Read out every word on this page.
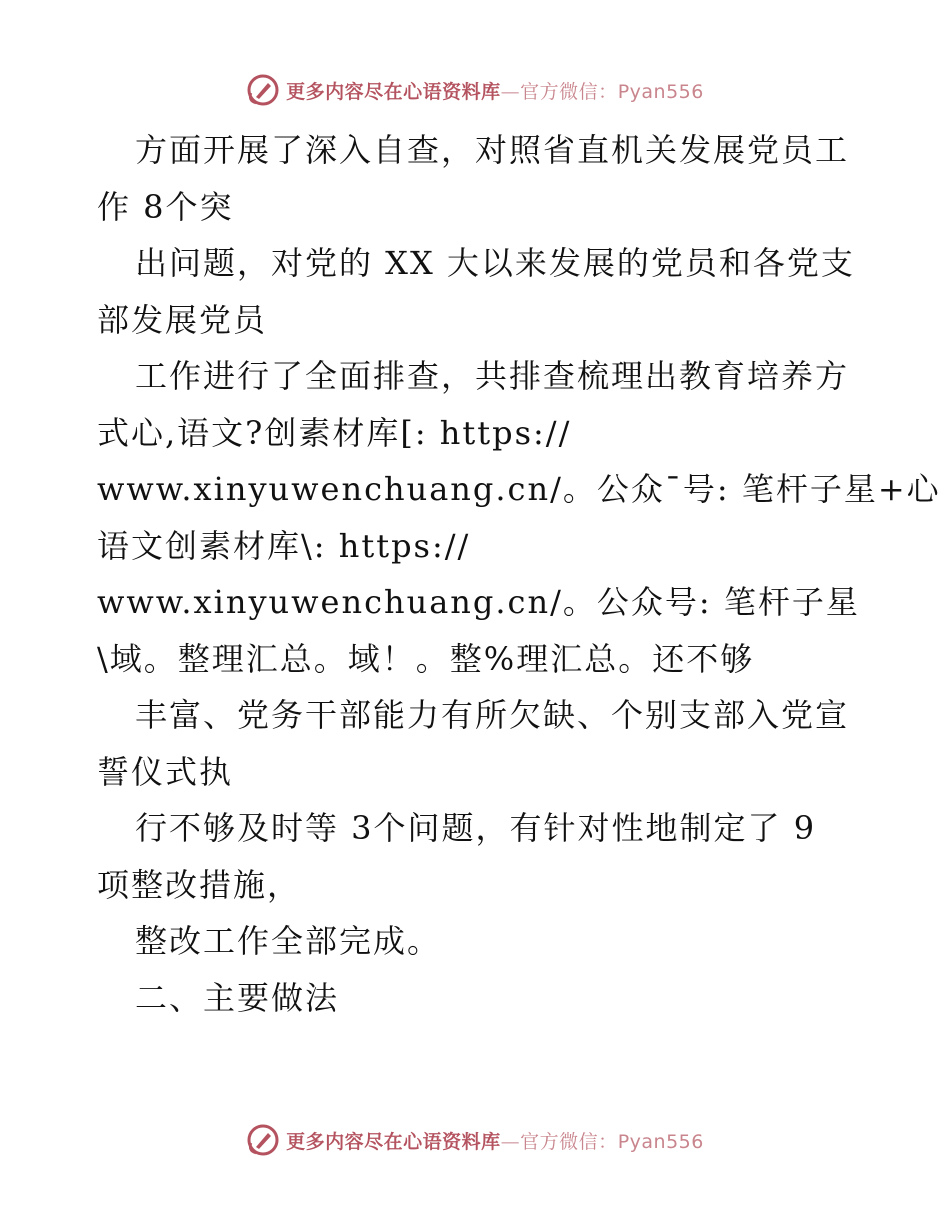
更多内容尽在心语资料库—官方微信：Pyan556
方面开展了深入自查，对照省直机关发展党员工
作 8个突
出问题，对党的 XX 大以来发展的党员和各党支
部发展党员
工作进行了全面排查，共排查梳理出教育培养方
式心,语文?创素材库[: https://
www.xinyuwenchuang.cn/。公众¯号: 笔杆子星+心
语文创素材库\: https://
www.xinyuwenchuang.cn/。公众号: 笔杆子星
\域。整理汇总。域！。整%理汇总。还不够
丰富、党务干部能力有所欠缺、个别支部入党宣
誓仪式执
行不够及时等 3个问题，有针对性地制定了 9
项整改措施，
整改工作全部完成。
二、主要做法
更多内容尽在心语资料库—官方微信：Pyan556
